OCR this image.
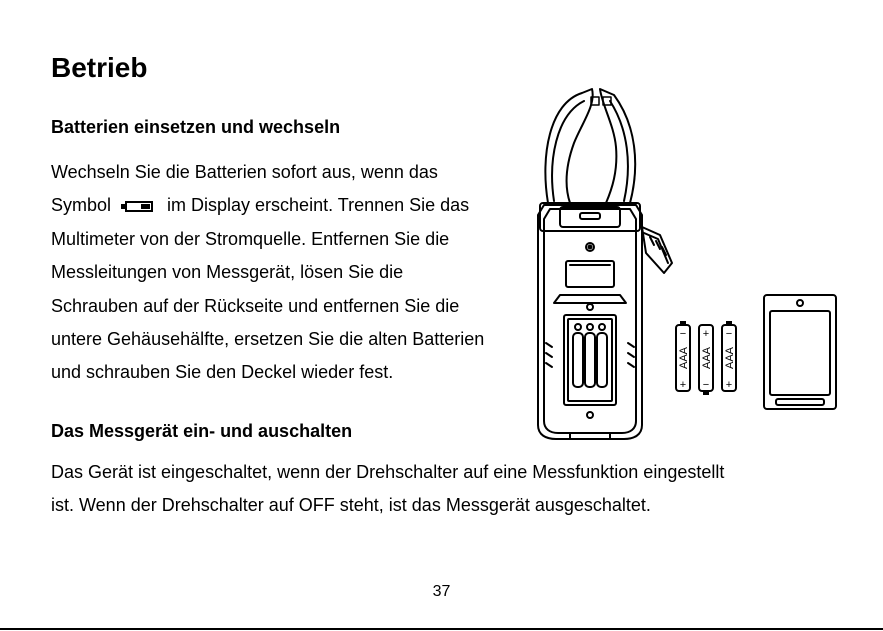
Betrieb
Batterien einsetzen und wechseln
Wechseln Sie die Batterien sofort aus, wenn das
Symbol	im Display erscheint. Trennen Sie das
Multimeter von der Stromquelle. Entfernen Sie die
Messleitungen von Messgerät, lösen Sie die
Schrauben auf der Rückseite und entfernen Sie die
untere Gehäusehälfte, ersetzen Sie die alten Batterien
und schrauben Sie den Deckel wieder fest.
Das Messgerät ein- und auschalten
Das Gerät ist eingeschaltet, wenn der Drehschalter auf eine Messfunktion eingestellt
ist. Wenn der Drehschalter auf OFF steht, ist das Messgerät ausgeschaltet.
AAA AAA AAA
+
− +
− +
−
37
